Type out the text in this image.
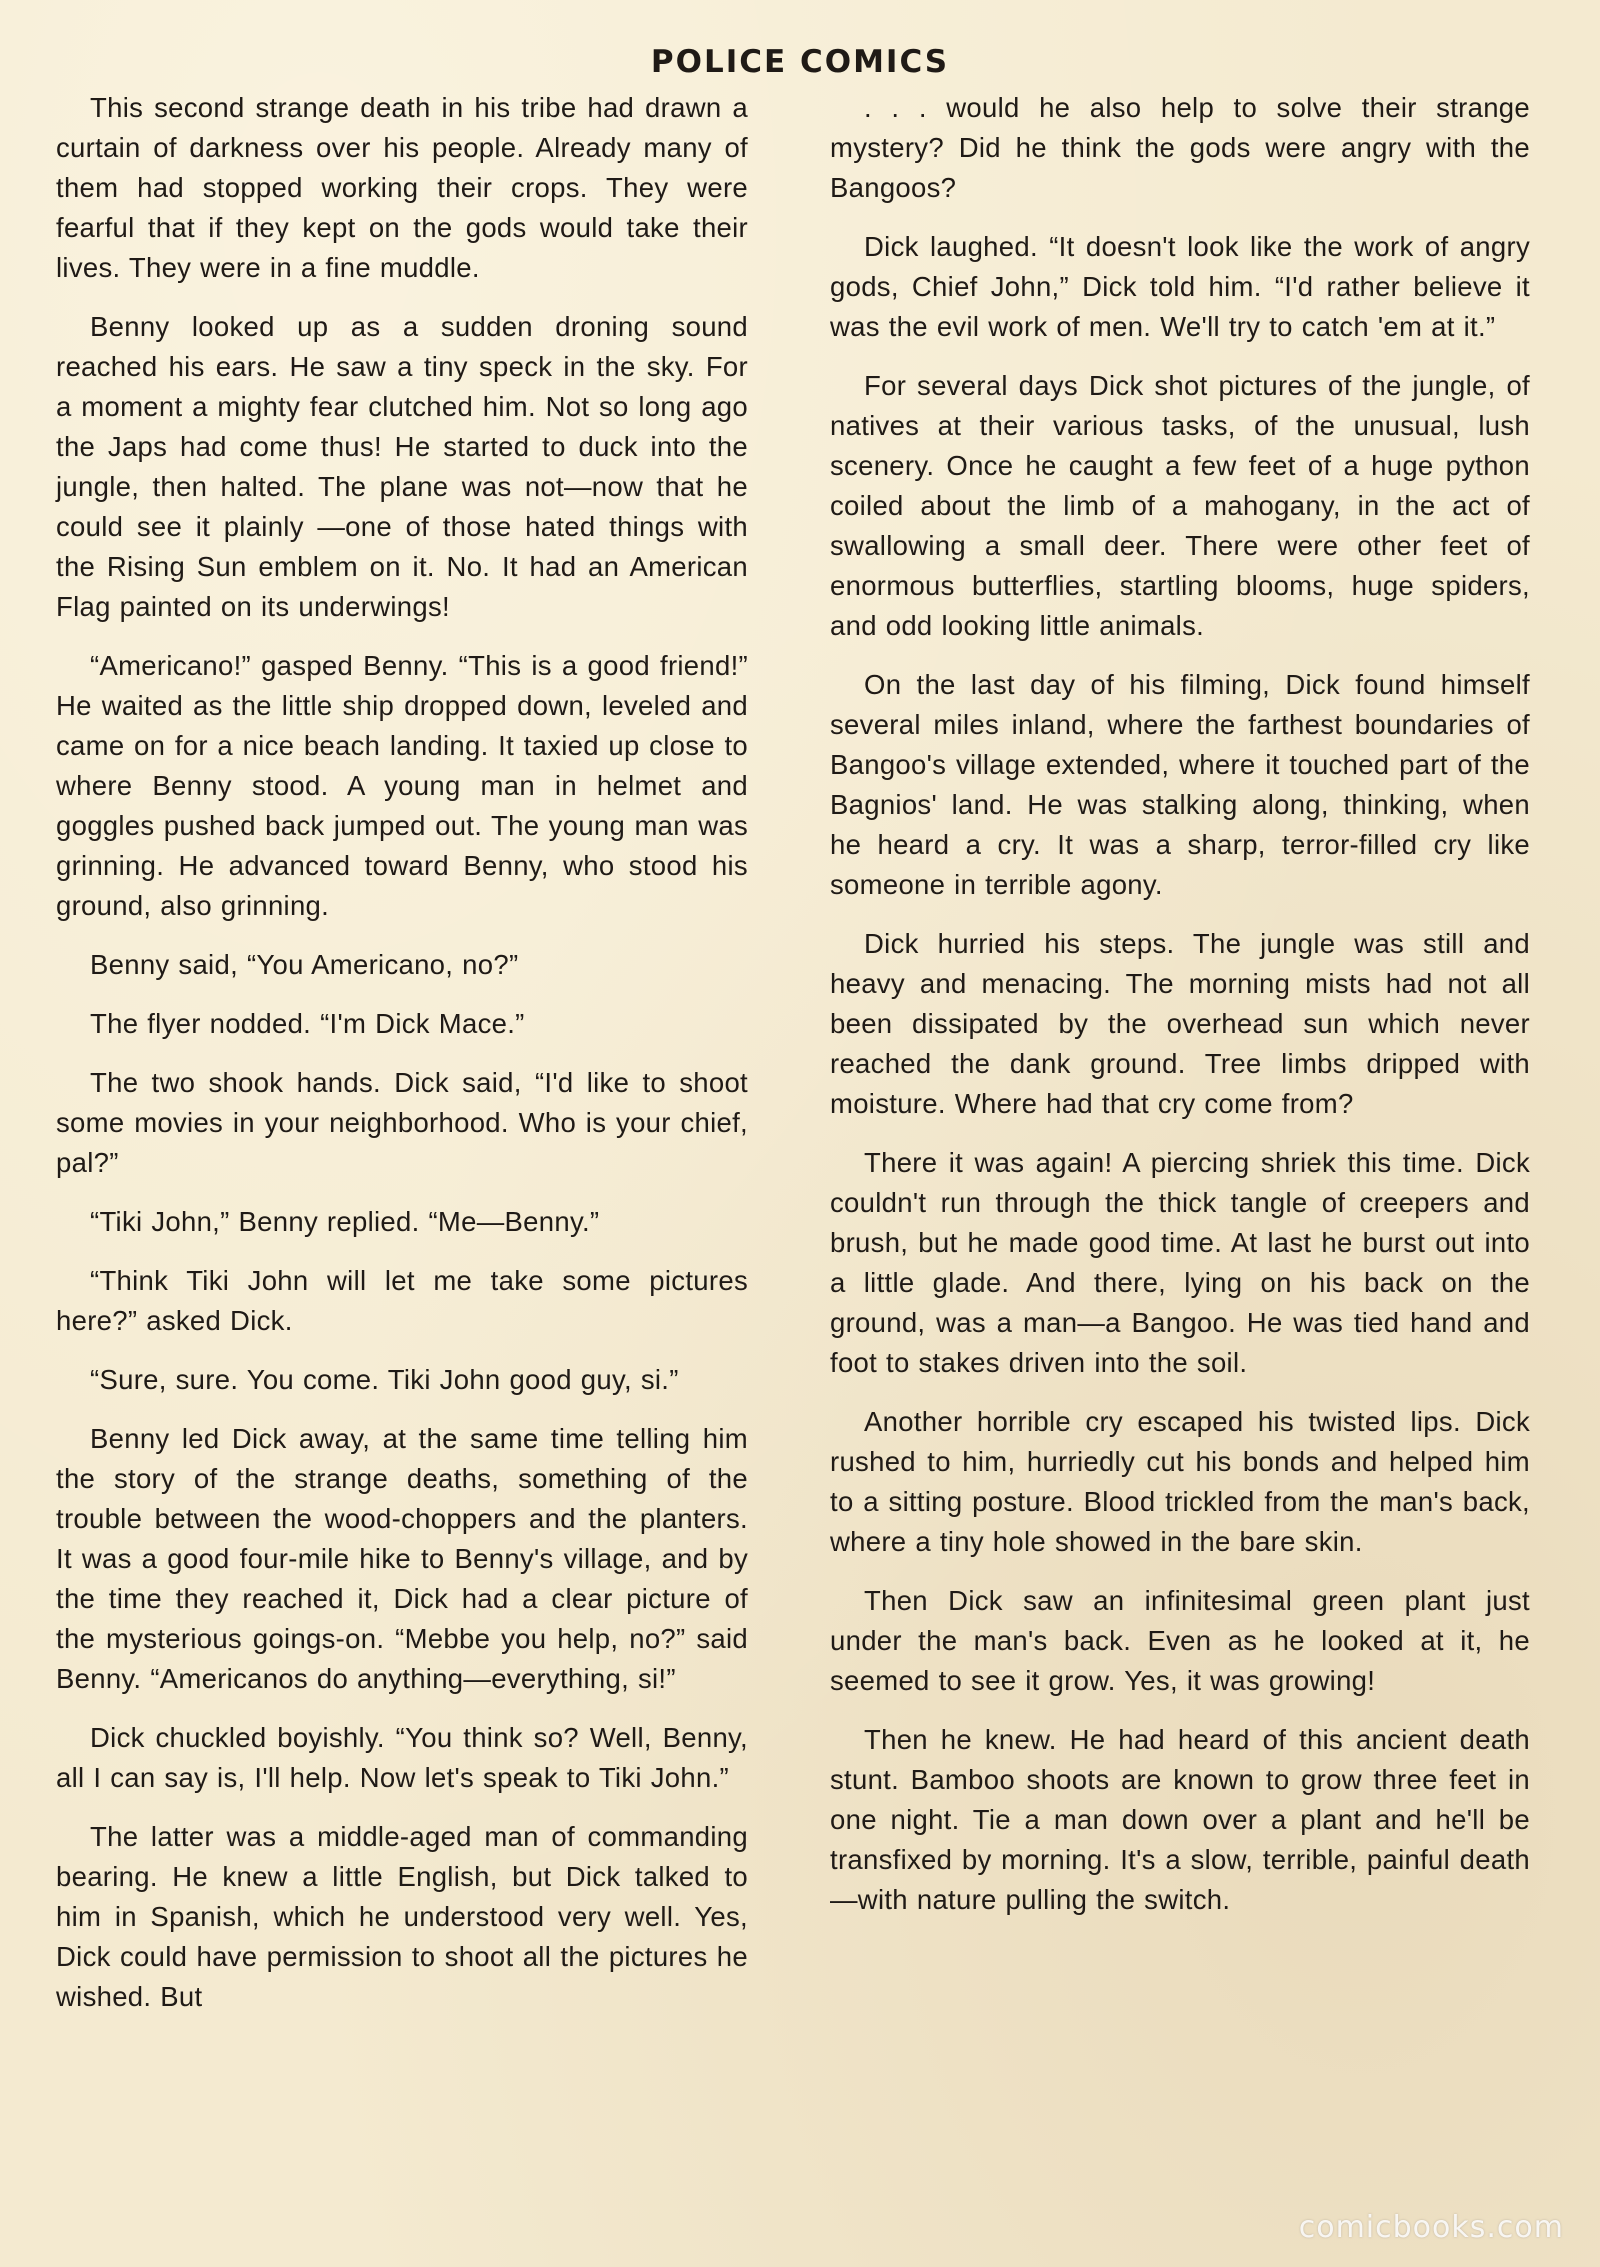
POLICE COMICS

This second strange death in his tribe had drawn a curtain of darkness over his people. Already many of them had stopped working their crops. They were fearful that if they kept on the gods would take their lives. They were in a fine muddle.

Benny looked up as a sudden droning sound reached his ears. He saw a tiny speck in the sky. For a moment a mighty fear clutched him. Not so long ago the Japs had come thus! He started to duck into the jungle, then halted. The plane was not—now that he could see it plainly —one of those hated things with the Rising Sun emblem on it. No. It had an American Flag painted on its underwings!

“Americano!” gasped Benny. “This is a good friend!” He waited as the little ship dropped down, leveled and came on for a nice beach landing. It taxied up close to where Benny stood. A young man in helmet and goggles pushed back jumped out. The young man was grinning. He advanced toward Benny, who stood his ground, also grinning.

Benny said, “You Americano, no?”

The flyer nodded. “I'm Dick Mace.”

The two shook hands. Dick said, “I'd like to shoot some movies in your neighborhood. Who is your chief, pal?”

“Tiki John,” Benny replied. “Me—Benny.”

“Think Tiki John will let me take some pictures here?” asked Dick.

“Sure, sure. You come. Tiki John good guy, si.”

Benny led Dick away, at the same time telling him the story of the strange deaths, something of the trouble between the wood-choppers and the planters. It was a good four-mile hike to Benny's village, and by the time they reached it, Dick had a clear picture of the mysterious goings-on. “Mebbe you help, no?” said Benny. “Americanos do anything—everything, si!”

Dick chuckled boyishly. “You think so? Well, Benny, all I can say is, I'll help. Now let's speak to Tiki John.”

The latter was a middle-aged man of commanding bearing. He knew a little English, but Dick talked to him in Spanish, which he understood very well. Yes, Dick could have permission to shoot all the pictures he wished. But

. . . would he also help to solve their strange mystery? Did he think the gods were angry with the Bangoos?

Dick laughed. “It doesn't look like the work of angry gods, Chief John,” Dick told him. “I'd rather believe it was the evil work of men. We'll try to catch 'em at it.”

For several days Dick shot pictures of the jungle, of natives at their various tasks, of the unusual, lush scenery. Once he caught a few feet of a huge python coiled about the limb of a mahogany, in the act of swallowing a small deer. There were other feet of enormous butterflies, startling blooms, huge spiders, and odd looking little animals.

On the last day of his filming, Dick found himself several miles inland, where the farthest boundaries of Bangoo's village extended, where it touched part of the Bagnios' land. He was stalking along, thinking, when he heard a cry. It was a sharp, terror-filled cry like someone in terrible agony.

Dick hurried his steps. The jungle was still and heavy and menacing. The morning mists had not all been dissipated by the overhead sun which never reached the dank ground. Tree limbs dripped with moisture. Where had that cry come from?

There it was again! A piercing shriek this time. Dick couldn't run through the thick tangle of creepers and brush, but he made good time. At last he burst out into a little glade. And there, lying on his back on the ground, was a man—a Bangoo. He was tied hand and foot to stakes driven into the soil.

Another horrible cry escaped his twisted lips. Dick rushed to him, hurriedly cut his bonds and helped him to a sitting posture. Blood trickled from the man's back, where a tiny hole showed in the bare skin.

Then Dick saw an infinitesimal green plant just under the man's back. Even as he looked at it, he seemed to see it grow. Yes, it was growing!

Then he knew. He had heard of this ancient death stunt. Bamboo shoots are known to grow three feet in one night. Tie a man down over a plant and he'll be transfixed by morning. It's a slow, terrible, painful death—with nature pulling the switch.

comicbooks.com
